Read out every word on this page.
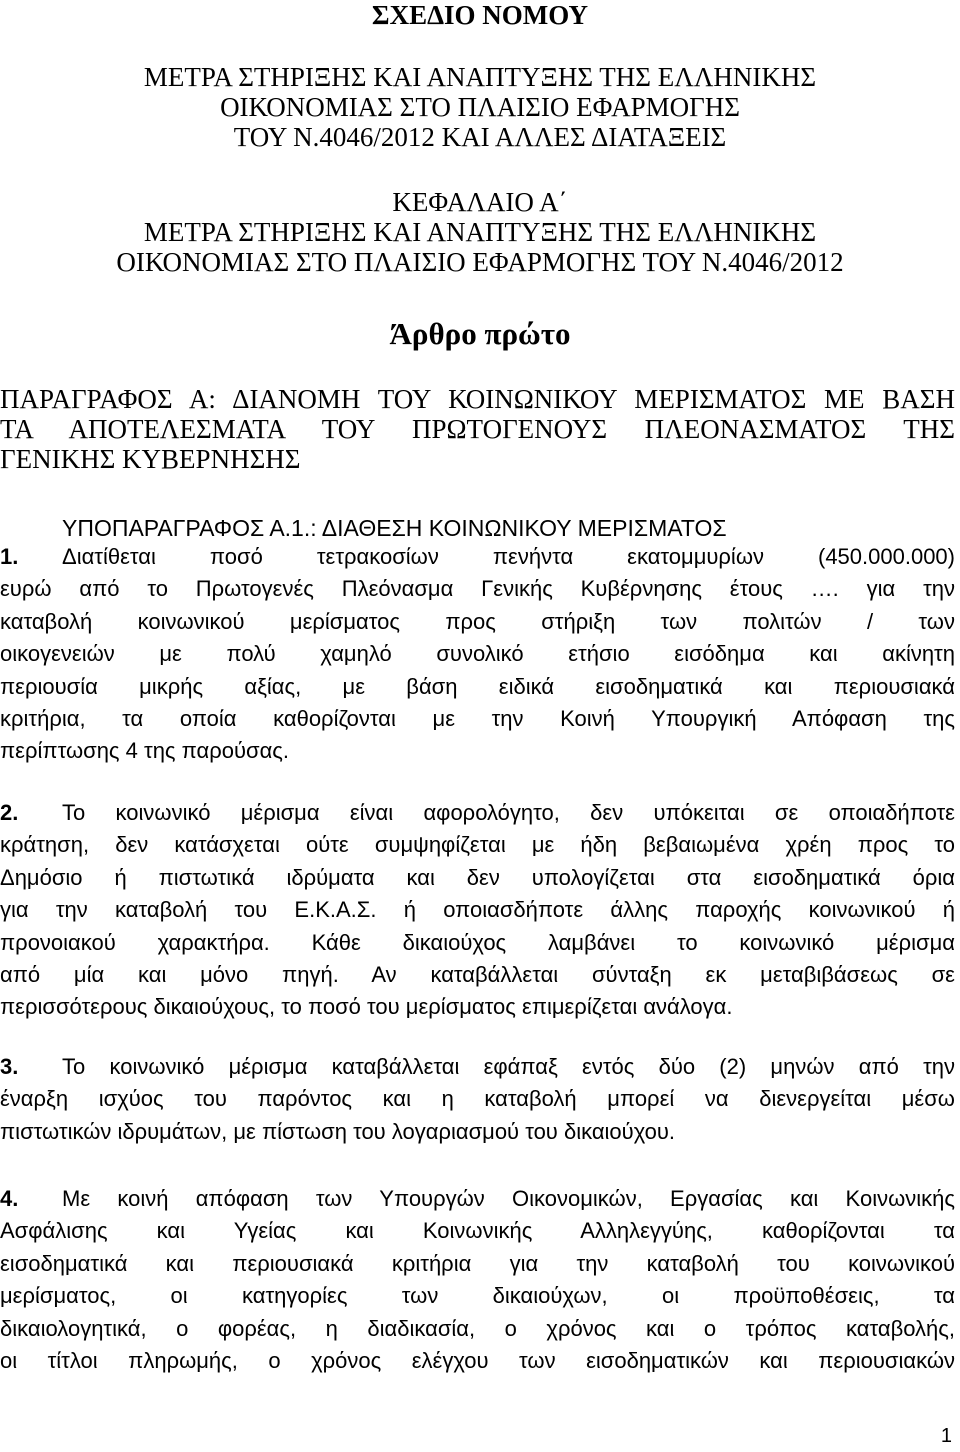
ΣΧΕΔΙΟ ΝΟΜΟΥ

ΜΕΤΡΑ ΣΤΗΡΙΞΗΣ ΚΑΙ ΑΝΑΠΤΥΞΗΣ ΤΗΣ ΕΛΛΗΝΙΚΗΣ

ΟΙΚΟΝΟΜΙΑΣ ΣΤΟ ΠΛΑΙΣΙΟ ΕΦΑΡΜΟΓΗΣ

ΤΟΥ Ν.4046/2012 ΚΑΙ ΑΛΛΕΣ ΔΙΑΤΑΞΕΙΣ

ΚΕΦΑΛΑΙΟ Α΄

ΜΕΤΡΑ ΣΤΗΡΙΞΗΣ ΚΑΙ ΑΝΑΠΤΥΞΗΣ ΤΗΣ ΕΛΛΗΝΙΚΗΣ

ΟΙΚΟΝΟΜΙΑΣ ΣΤΟ ΠΛΑΙΣΙΟ ΕΦΑΡΜΟΓΗΣ ΤΟΥ Ν.4046/2012

Άρθρο πρώτο

ΠΑΡΑΓΡΑΦΟΣ Α: ΔΙΑΝΟΜΗ ΤΟΥ ΚΟΙΝΩΝΙΚΟΥ ΜΕΡΙΣΜΑΤΟΣ ΜΕ ΒΑΣΗ
ΤΑ ΑΠΟΤΕΛΕΣΜΑΤΑ ΤΟΥ ΠΡΩΤΟΓΕΝΟΥΣ ΠΛΕΟΝΑΣΜΑΤΟΣ ΤΗΣ
ΓΕΝΙΚΗΣ ΚΥΒΕΡΝΗΣΗΣ

ΥΠΟΠΑΡΑΓΡΑΦΟΣ Α.1.: ΔΙΑΘΕΣΗ ΚΟΙΝΩΝΙΚΟΥ ΜΕΡΙΣΜΑΤΟΣ

1. Διατίθεται ποσό τετρακοσίων πενήντα εκατομμυρίων (450.000.000)
ευρώ από το Πρωτογενές Πλεόνασμα Γενικής Κυβέρνησης έτους …. για την
καταβολή κοινωνικού μερίσματος προς στήριξη των πολιτών / των
οικογενειών με πολύ χαμηλό συνολικό ετήσιο εισόδημα και ακίνητη
περιουσία μικρής αξίας, με βάση ειδικά εισοδηματικά και περιουσιακά
κριτήρια, τα οποία καθορίζονται με την Κοινή Υπουργική Απόφαση της
περίπτωσης 4 της παρούσας.

2. Το κοινωνικό μέρισμα είναι αφορολόγητο, δεν υπόκειται σε οποιαδήποτε
κράτηση, δεν κατάσχεται ούτε συμψηφίζεται με ήδη βεβαιωμένα χρέη προς το
Δημόσιο ή πιστωτικά ιδρύματα και δεν υπολογίζεται στα εισοδηματικά όρια
για την καταβολή του Ε.Κ.Α.Σ. ή οποιασδήποτε άλλης παροχής κοινωνικού ή
προνοιακού χαρακτήρα. Κάθε δικαιούχος λαμβάνει το κοινωνικό μέρισμα
από μία και μόνο πηγή. Αν καταβάλλεται σύνταξη εκ μεταβιβάσεως σε
περισσότερους δικαιούχους, το ποσό του μερίσματος επιμερίζεται ανάλογα.

3. Το κοινωνικό μέρισμα καταβάλλεται εφάπαξ εντός δύο (2) μηνών από την
έναρξη ισχύος του παρόντος και η καταβολή μπορεί να διενεργείται μέσω
πιστωτικών ιδρυμάτων, με πίστωση του λογαριασμού του δικαιούχου.

4. Με κοινή απόφαση των Υπουργών Οικονομικών, Εργασίας και Κοινωνικής
Ασφάλισης και Υγείας και Κοινωνικής Αλληλεγγύης, καθορίζονται τα
εισοδηματικά και περιουσιακά κριτήρια για την καταβολή του κοινωνικού
μερίσματος, οι κατηγορίες των δικαιούχων, οι προϋποθέσεις, τα
δικαιολογητικά, ο φορέας, η διαδικασία, ο χρόνος και ο τρόπος καταβολής,
οι τίτλοι πληρωμής, ο χρόνος ελέγχου των εισοδηματικών και περιουσιακών

1
